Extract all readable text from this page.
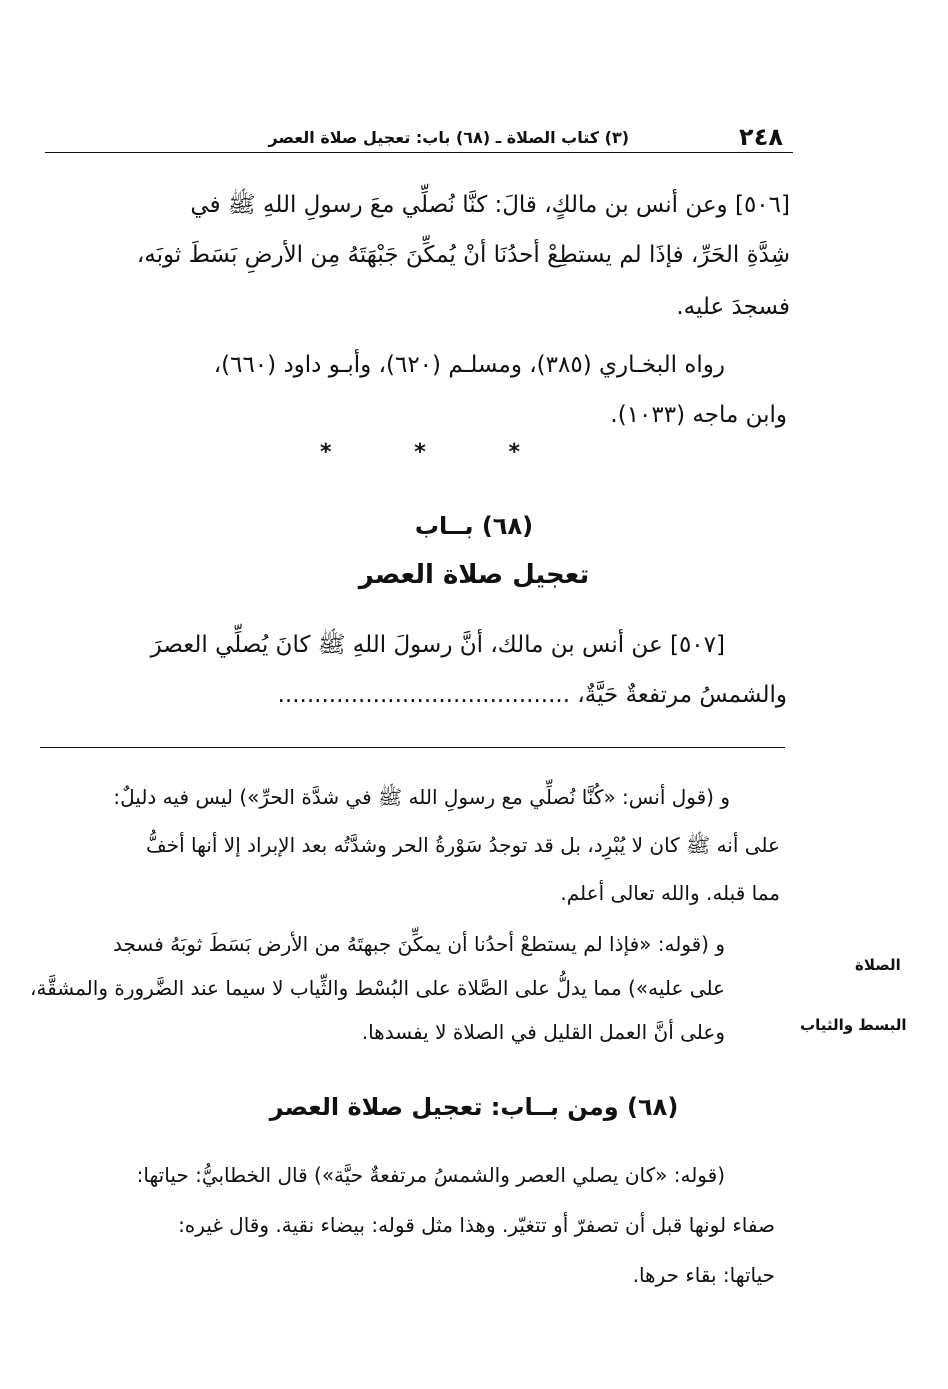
٢٤٨
(٣) كتاب الصلاة ـ (٦٨) باب: تعجيل صلاة العصر
[٥٠٦] وعن أنس بن مالكٍ، قالَ: كنَّا نُصلِّي معَ رسولِ اللهِ ﷺ في
شِدَّةِ الحَرِّ، فإذَا لم يستطِعْ أحدُنَا أنْ يُمكِّنَ جَبْهَتَهُ مِن الأرضِ بَسَطَ ثوبَه،
فسجدَ عليه.
رواه البخـاري (٣٨٥)، ومسلـم (٦٢٠)، وأبـو داود (٦٦٠)،
وابن ماجه (١٠٣٣).
*	*	*
(٦٨) بــاب
تعجيل صلاة العصر
[٥٠٧] عن أنس بن مالك، أنَّ رسولَ اللهِ ﷺ كانَ يُصلِّي العصرَ
والشمسُ مرتفعةٌ حَيَّةٌ، ........................................
و (قول أنس: «كُنَّا نُصلِّي مع رسولِ الله ﷺ في شدَّة الحرِّ») ليس فيه دليلٌ:
على أنه ﷺ كان لا يُبْرِد، بل قد توجدُ سَوْرةُ الحر وشدَّتُه بعد الإبراد إلا أنها أخفُّ
مما قبله. والله تعالى أعلم.
و (قوله: «فإذا لم يستطعْ أحدُنا أن يمكِّنَ جبهتَهُ من الأرض بَسَطَ ثوبَهُ فسجد
على عليه») مما يدلُّ على الصَّلاة على البُسْط والثِّياب لا سيما عند الضَّرورة والمشقَّة،
وعلى أنَّ العمل القليل في الصلاة لا يفسدها.
الصلاة
البسط والثياب
(٦٨) ومن بــاب: تعجيل صلاة العصر
(قوله: «كان يصلي العصر والشمسُ مرتفعةٌ حيَّة») قال الخطابيُّ: حياتها:
صفاء لونها قبل أن تصفرّ أو تتغيّر. وهذا مثل قوله: بيضاء نقية. وقال غيره:
حياتها: بقاء حرها.
